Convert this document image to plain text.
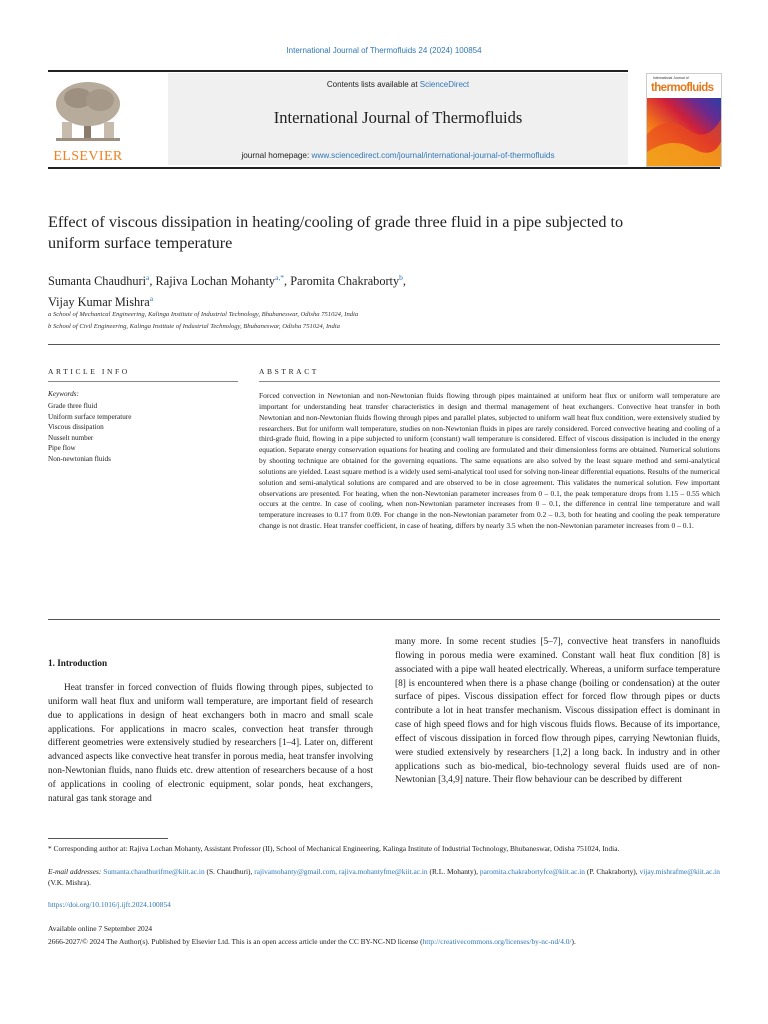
International Journal of Thermofluids 24 (2024) 100854
ELSEVIER
Contents lists available at ScienceDirect
International Journal of Thermofluids
journal homepage: www.sciencedirect.com/journal/international-journal-of-thermofluids
International Journal of
thermofluids
Effect of viscous dissipation in heating/cooling of grade three fluid in a pipe subjected to uniform surface temperature
Sumanta Chaudhuri$^a$, Rajiva Lochan Mohanty$^{a,*}$, Paromita Chakraborty$^b$,
Vijay Kumar Mishra$^a$
a School of Mechanical Engineering, Kalinga Institute of Industrial Technology, Bhubaneswar, Odisha 751024, India
b School of Civil Engineering, Kalinga Institute of Industrial Technology, Bhubaneswar, Odisha 751024, India
ARTICLE INFO
Keywords:
Grade three fluid
Uniform surface temperature
Viscous dissipation
Nusselt number
Pipe flow
Non-newtonian fluids
ABSTRACT
Forced convection in Newtonian and non-Newtonian fluids flowing through pipes maintained at uniform heat flux or uniform wall temperature are important for understanding heat transfer characteristics in design and thermal management of heat exchangers. Convective heat transfer in both Newtonian and non-Newtonian fluids flowing through pipes and parallel plates, subjected to uniform wall heat flux condition, were extensively studied by researchers. But for uniform wall temperature, studies on non-Newtonian fluids in pipes are rarely considered. Forced convective heating and cooling of a third-grade fluid, flowing in a pipe subjected to uniform (constant) wall temperature is considered. Effect of viscous dissipation is included in the energy equation. Separate energy conservation equations for heating and cooling are formulated and their dimensionless forms are obtained. Numerical solutions by shooting technique are obtained for the governing equations. The same equations are also solved by the least square method and semi-analytical solutions are yielded. Least square method is a widely used semi-analytical tool used for solving non-linear differential equations. Results of the numerical solution and semi-analytical solutions are compared and are observed to be in close agreement. This validates the numerical solution. Few important observations are presented. For heating, when the non-Newtonian parameter increases from 0 – 0.1, the peak temperature drops from 1.15 – 0.55 which occurs at the centre. In case of cooling, when non-Newtonian parameter increases from 0 – 0.1, the difference in central line temperature and wall temperature increases to 0.17 from 0.09. For change in the non-Newtonian parameter from 0.2 – 0.3, both for heating and cooling the peak temperature change is not drastic. Heat transfer coefficient, in case of heating, differs by nearly 3.5 when the non-Newtonian parameter increases from 0 – 0.1.
1. Introduction
Heat transfer in forced convection of fluids flowing through pipes, subjected to uniform wall heat flux and uniform wall temperature, are important field of research due to applications in design of heat exchangers both in macro and small scale applications. For applications in macro scales, convection heat transfer through different geometries were extensively studied by researchers [1–4]. Later on, different advanced aspects like convective heat transfer in porous media, heat transfer involving non-Newtonian fluids, nano fluids etc. drew attention of researchers because of a host of applications in cooling of electronic equipment, solar ponds, heat exchangers, natural gas tank storage and
many more. In some recent studies [5–7], convective heat transfers in nanofluids flowing in porous media were examined. Constant wall heat flux condition [8] is associated with a pipe wall heated electrically. Whereas, a uniform surface temperature [8] is encountered when there is a phase change (boiling or condensation) at the outer surface of pipes. Viscous dissipation effect for forced flow through pipes or ducts contribute a lot in heat transfer mechanism. Viscous dissipation effect is dominant in case of high speed flows and for high viscous fluids flows. Because of its importance, effect of viscous dissipation in forced flow through pipes, carrying Newtonian fluids, were studied extensively by researchers [1,2] a long back. In industry and in other applications such as bio-medical, bio-technology several fluids used are of non-Newtonian [3,4,9] nature. Their flow behaviour can be described by different
* Corresponding author at: Rajiva Lochan Mohanty, Assistant Professor (II), School of Mechanical Engineering, Kalinga Institute of Industrial Technology, Bhubaneswar, Odisha 751024, India.
E-mail addresses: Sumanta.chaudhurifme@kiit.ac.in (S. Chaudhuri), rajivamohanty@gmail.com, rajiva.mohantyfme@kiit.ac.in (R.L. Mohanty), paromita.chakrabortyfce@kiit.ac.in (P. Chakraborty), vijay.mishrafme@kiit.ac.in (V.K. Mishra).
https://doi.org/10.1016/j.ijft.2024.100854
Available online 7 September 2024
2666-2027/© 2024 The Author(s). Published by Elsevier Ltd. This is an open access article under the CC BY-NC-ND license (http://creativecommons.org/licenses/by-nc-nd/4.0/).
